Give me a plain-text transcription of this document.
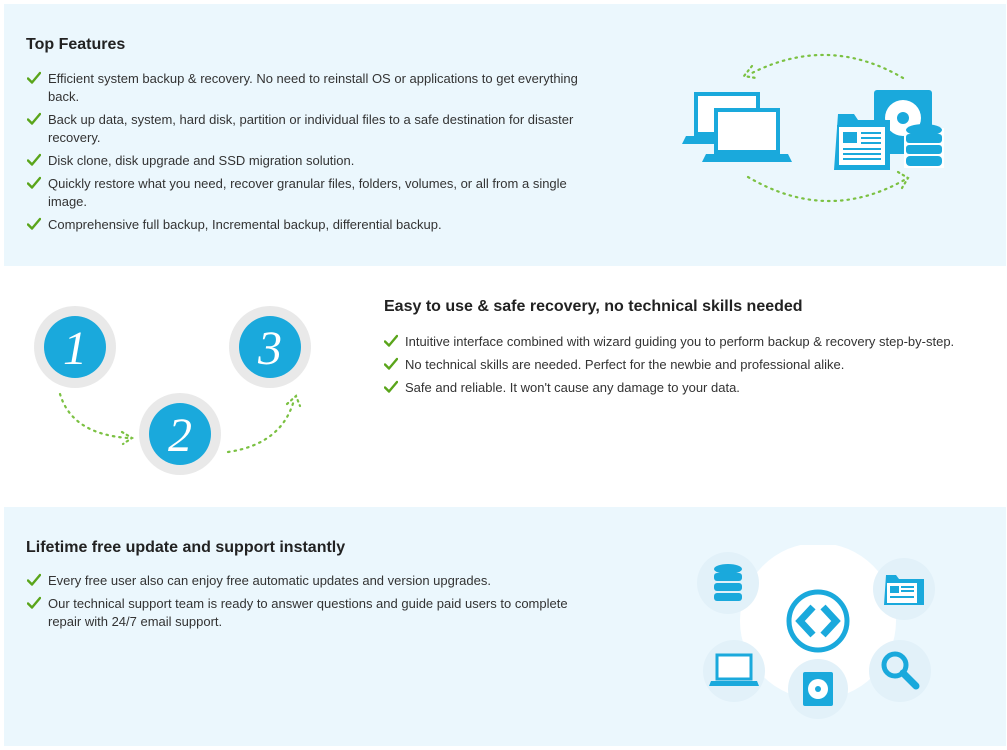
Top Features
Efficient system backup & recovery. No need to reinstall OS or applications to get everything back.
Back up data, system, hard disk, partition or individual files to a safe destination for disaster recovery.
Disk clone, disk upgrade and SSD migration solution.
Quickly restore what you need, recover granular files, folders, volumes, or all from a single image.
Comprehensive full backup, Incremental backup, differential backup.
1	3
2
Easy to use & safe recovery, no technical skills needed
Intuitive interface combined with wizard guiding you to perform backup & recovery step-by-step.
No technical skills are needed. Perfect for the newbie and professional alike.
Safe and reliable. It won't cause any damage to your data.
Lifetime free update and support instantly
Every free user also can enjoy free automatic updates and version upgrades.
Our technical support team is ready to answer questions and guide paid users to complete repair with 24/7 email support.
